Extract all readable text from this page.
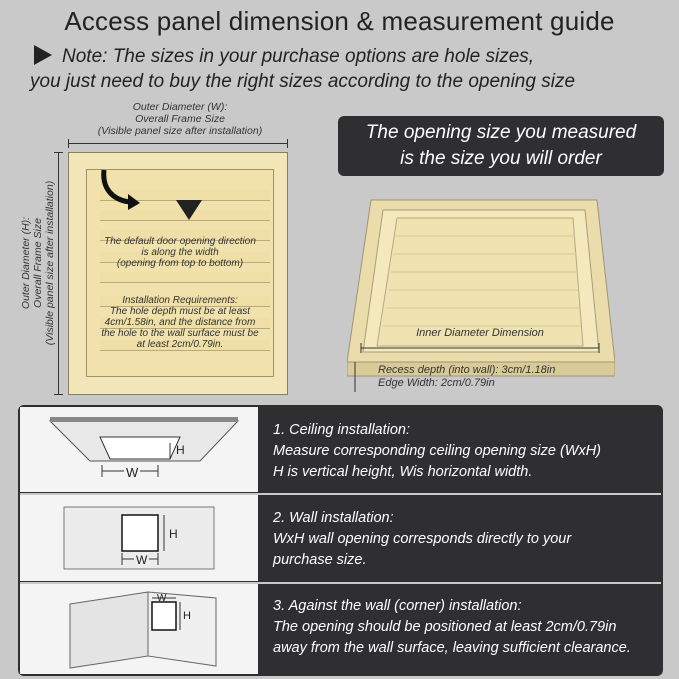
Access panel dimension & measurement guide
Note: The sizes in your purchase options are hole sizes,
you just need to buy the right sizes according to the opening size
The opening size you measured
is the size you will order
Outer Diameter (W):
Overall Frame Size
(Visible panel size after installation)
Outer Diameter (H): Overall Frame Size (Visible panel size after installation)	The default door opening direction
is along the width
(opening from top to bottom)
Installation Requirements:
The hole depth must be at least
4cm/1.58in, and the distance from
the hole to the wall surface must be
at least 2cm/0.79in.
Inner Diameter Dimension
Recess depth (into wall): 3cm/1.18in
Edge Width: 2cm/0.79in
W
H
1. Ceiling installation:
Measure corresponding ceiling opening size (WxH)
H is vertical height, Wis horizontal width.
W
H
2. Wall installation:
WxH wall opening corresponds directly to your
purchase size.
W
H
3. Against the wall (corner) installation:
The opening should be positioned at least 2cm/0.79in
away from the wall surface, leaving sufficient clearance.
